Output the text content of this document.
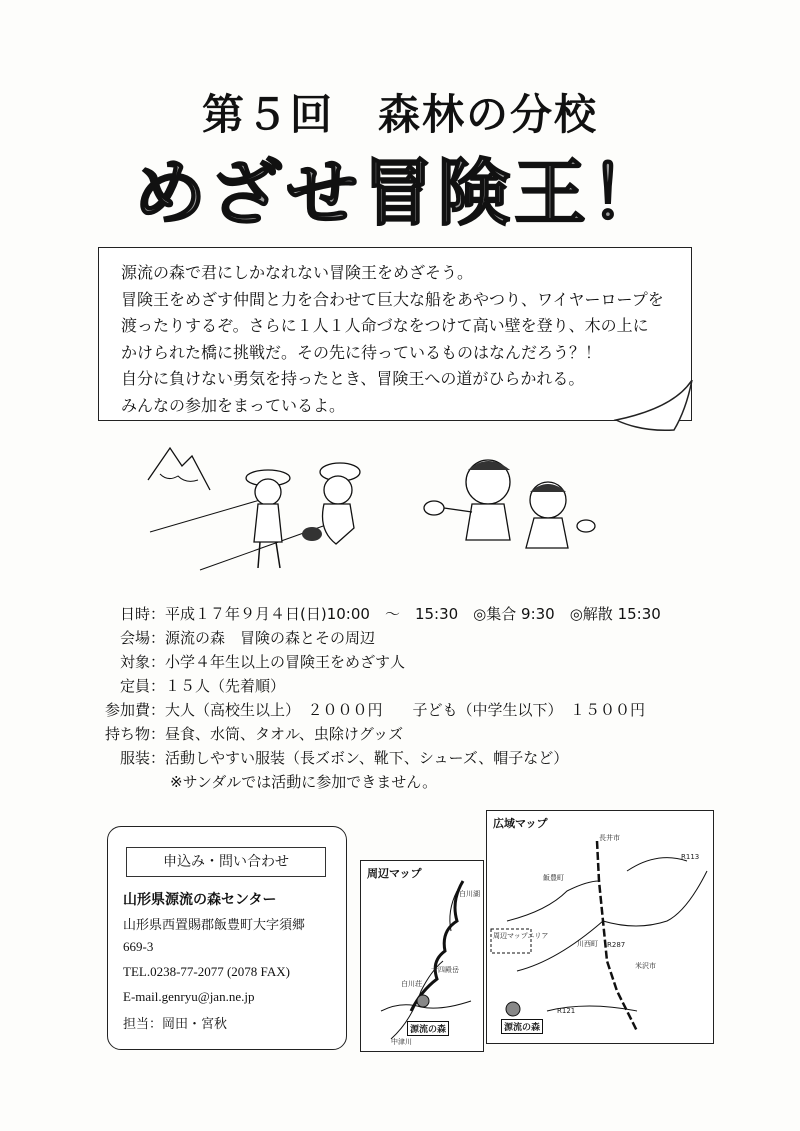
第５回　森林の分校
めざせ冒険王！
源流の森で君にしかなれない冒険王をめざそう。
冒険王をめざす仲間と力を合わせて巨大な船をあやつり、ワイヤーロープを
渡ったりするぞ。さらに１人１人命づなをつけて高い壁を登り、木の上に
かけられた橋に挑戦だ。その先に待っているものはなんだろう？！
自分に負けない勇気を持ったとき、冒険王への道がひらかれる。
みんなの参加をまっているよ。
日時：平成１７年９月４日(日)10:00　～　15:30　◎集合 9:30　◎解散 15:30
会場：源流の森　冒険の森とその周辺
対象：小学４年生以上の冒険王をめざす人
定員：１５人（先着順）
参加費：大人（高校生以上）　２０００円　　子ども（中学生以下）　１５００円
持ち物：昼食、水筒、タオル、虫除けグッズ
服装：活動しやすい服装（長ズボン、靴下、シューズ、帽子など）
※サンダルでは活動に参加できません。
申込み・問い合わせ
山形県源流の森センター
山形県西置賜郡飯豊町大字須郷
669-3
TEL.0238-77-2077 (2078 FAX)
E-mail.genryu@jan.ne.jp
担当：岡田・宮秋
周辺マップ
白川湖
十四殿岳
白川荘
中津川
源流の森
広域マップ
長井市
飯豊町
川西町
米沢市
周辺マップエリア
R113
R287
R121
源流の森
